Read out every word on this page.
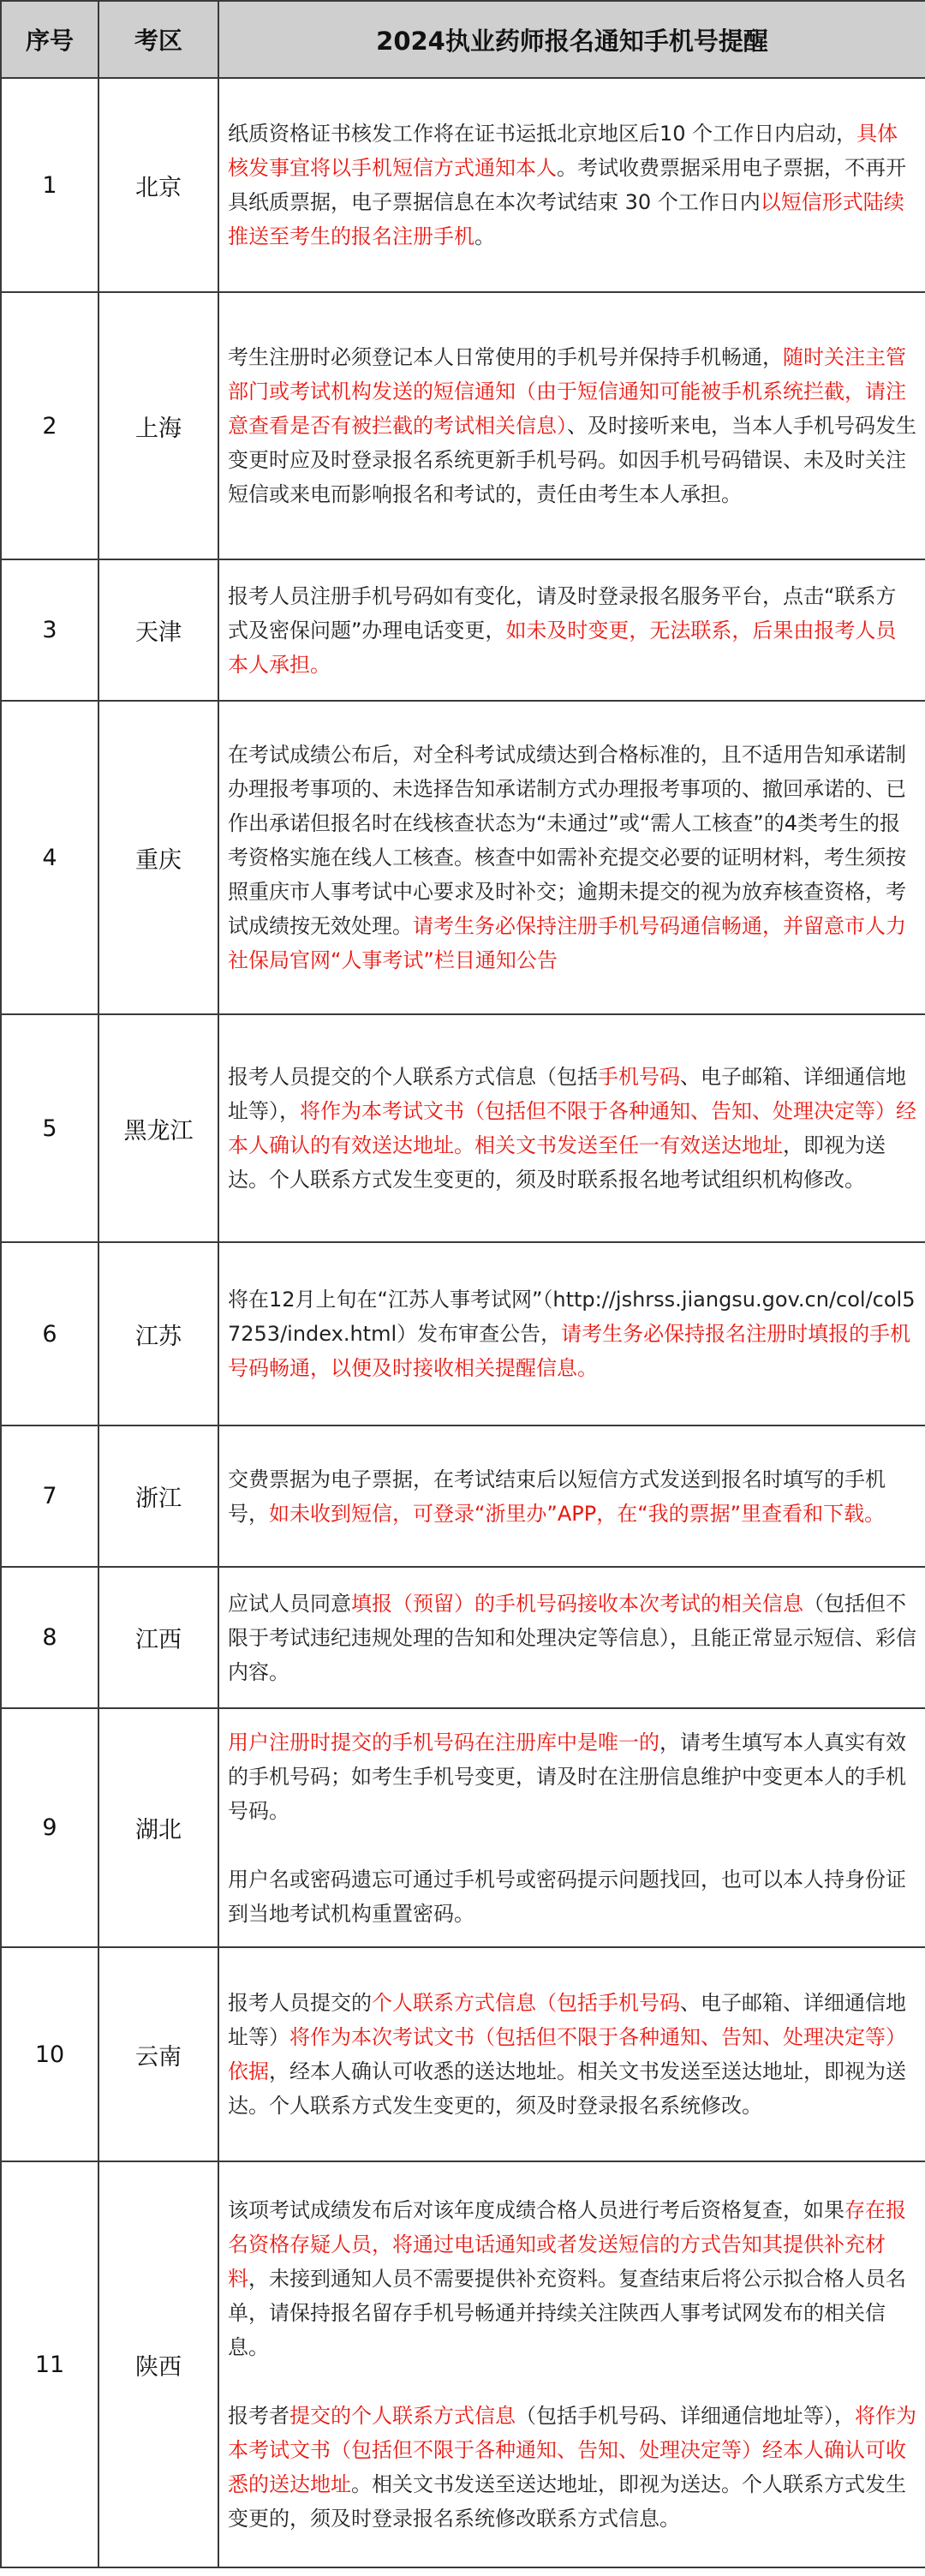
序号	考区	2024执业药师报名通知手机号提醒
1	北京	纸质资格证书核发工作将在证书运抵北京地区后10 个工作日内启动，具体核发事宜将以手机短信方式通知本人。考试收费票据采用电子票据，不再开具纸质票据，电子票据信息在本次考试结束 30 个工作日内以短信形式陆续推送至考生的报名注册手机。

2	上海	考生注册时必须登记本人日常使用的手机号并保持手机畅通，随时关注主管部门或考试机构发送的短信通知（由于短信通知可能被手机系统拦截，请注意查看是否有被拦截的考试相关信息）、及时接听来电，当本人手机号码发生变更时应及时登录报名系统更新手机号码。如因手机号码错误、未及时关注短信或来电而影响报名和考试的，责任由考生本人承担。

3	天津	报考人员注册手机号码如有变化，请及时登录报名服务平台，点击“联系方式及密保问题”办理电话变更，如未及时变更，无法联系，后果由报考人员本人承担。

4	重庆	在考试成绩公布后，对全科考试成绩达到合格标准的，且不适用告知承诺制办理报考事项的、未选择告知承诺制方式办理报考事项的、撤回承诺的、已作出承诺但报名时在线核查状态为“未通过”或“需人工核查”的4类考生的报考资格实施在线人工核查。核查中如需补充提交必要的证明材料，考生须按照重庆市人事考试中心要求及时补交；逾期未提交的视为放弃核查资格，考试成绩按无效处理。请考生务必保持注册手机号码通信畅通，并留意市人力社保局官网“人事考试”栏目通知公告

5	黑龙江	报考人员提交的个人联系方式信息（包括手机号码、电子邮箱、详细通信地址等），将作为本考试文书（包括但不限于各种通知、告知、处理决定等）经本人确认的有效送达地址。相关文书发送至任一有效送达地址，即视为送达。个人联系方式发生变更的，须及时联系报名地考试组织机构修改。

6	江苏	将在12月上旬在“江苏人事考试网”（http://jshrss.jiangsu.gov.cn/col/col57253/index.html）发布审查公告，请考生务必保持报名注册时填报的手机号码畅通，以便及时接收相关提醒信息。

7	浙江	交费票据为电子票据，在考试结束后以短信方式发送到报名时填写的手机号，如未收到短信，可登录“浙里办”APP，在“我的票据”里查看和下载。

8	江西	应试人员同意填报（预留）的手机号码接收本次考试的相关信息（包括但不限于考试违纪违规处理的告知和处理决定等信息），且能正常显示短信、彩信内容。

9	湖北	用户注册时提交的手机号码在注册库中是唯一的，请考生填写本人真实有效的手机号码；如考生手机号变更，请及时在注册信息维护中变更本人的手机号码。
用户名或密码遗忘可通过手机号或密码提示问题找回，也可以本人持身份证到当地考试机构重置密码。

10	云南	报考人员提交的个人联系方式信息（包括手机号码、电子邮箱、详细通信地址等）将作为本次考试文书（包括但不限于各种通知、告知、处理决定等）依据，经本人确认可收悉的送达地址。相关文书发送至送达地址，即视为送达。个人联系方式发生变更的，须及时登录报名系统修改。

11	陕西	该项考试成绩发布后对该年度成绩合格人员进行考后资格复查，如果存在报名资格存疑人员，将通过电话通知或者发送短信的方式告知其提供补充材料，未接到通知人员不需要提供补充资料。复查结束后将公示拟合格人员名单，请保持报名留存手机号畅通并持续关注陕西人事考试网发布的相关信息。
报考者提交的个人联系方式信息（包括手机号码、详细通信地址等），将作为本考试文书（包括但不限于各种通知、告知、处理决定等）经本人确认可收悉的送达地址。相关文书发送至送达地址，即视为送达。个人联系方式发生变更的，须及时登录报名系统修改联系方式信息。
